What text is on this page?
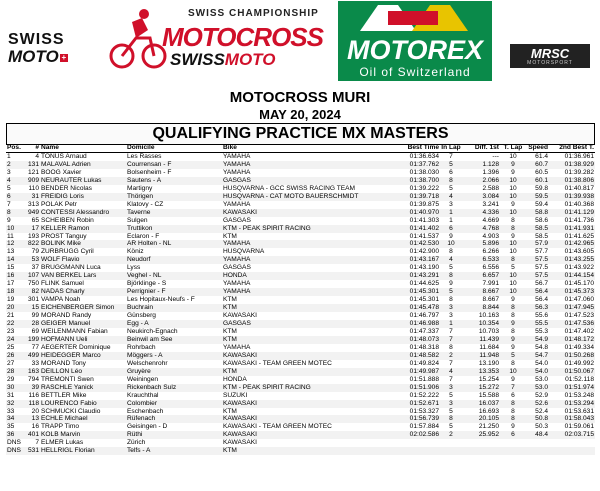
SWISS
MOTO +
SWISS CHAMPIONSHIP
MOTOCROSS
SWISSMOTO	MOTOREX
Oil of Switzerland
MRSC
MOTORSPORT
MOTOCROSS MURI
MAY 20, 2024
QUALIFYING PRACTICE MX MASTERS
Pos.	#	Name	Domicile	Bike	Best Time	In Lap	Diff. 1st	T. Lap	Speed	2nd Best T.
1	4	TONUS Arnaud	Les Rasses	YAMAHA	01:36.634	7	---	10	61.4	01:36.961
2	131	MALAVAL Adrien	Courrensan - F	YAMAHA	01:37.762	5	1.128	9	60.7	01:38.929
3	121	BOOG Xavier	Bolsenheim - F	YAMAHA	01:38.030	6	1.396	9	60.5	01:39.282
4	909	NEURAUTER Lukas	Sautens - A	GASGAS	01:38.700	8	2.066	10	60.1	01:38.806
5	110	BENDER Nicolas	Martigny	HUSQVARNA - GCC SWISS RACING TEAM	01:39.222	5	2.588	10	59.8	01:40.817
6	31	FREIDIG Loris	Thörigen	HUSQVARNA - CAT MOTO BAUERSCHMIDT	01:39.718	4	3.084	10	59.5	01:39.938
7	313	POLAK Petr	Klatovy - CZ	YAMAHA	01:39.875	3	3.241	9	59.4	01:40.368
8	949	CONTESSI Alessandro	Taverne	KAWASAKI	01:40.970	1	4.336	10	58.8	01:41.129
9	65	SCHEIBEN Robin	Sulgen	GASGAS	01:41.303	1	4.669	8	58.6	01:41.736
10	17	KELLER Ramon	Truttikon	KTM - PEAK SPIRIT RACING	01:41.402	6	4.768	8	58.5	01:41.931
11	193	PROST Tanguy	Eclaron - F	KTM	01:41.537	9	4.903	9	58.5	01:41.625
12	822	BOLINK Mike	AR Holten - NL	YAMAHA	01:42.530	10	5.896	10	57.9	01:42.965
13	79	ZURBRÜGG Cyril	Köniz	HUSQVARNA	01:42.900	8	6.266	10	57.7	01:43.605
14	53	WOLF Flavio	Neudorf	YAMAHA	01:43.167	4	6.533	8	57.5	01:43.255
15	37	BRUGGMANN Luca	Lyss	GASGAS	01:43.190	5	6.556	5	57.5	01:43.922
16	107	VAN BERKEL Lars	Veghel - NL	HONDA	01:43.291	8	6.657	10	57.5	01:44.154
17	750	FLINK Samuel	Björklinge - S	YAMAHA	01:44.625	9	7.991	10	56.7	01:45.170
18	82	NADAS Charly	Perrignier - F	YAMAHA	01:45.301	5	8.667	10	56.4	01:45.373
19	301	VAMPA Noah	Les Hopitaux-Neufs - F	KTM	01:45.301	8	8.667	9	56.4	01:47.060
20	15	EICHENBERGER Simon	Buchrain	KTM	01:45.478	3	8.844	8	56.3	01:47.945
21	99	MORAND Randy	Günsberg	KAWASAKI	01:46.797	3	10.163	8	55.6	01:47.523
22	28	GEIGER Manuel	Egg - A	GASGAS	01:46.988	1	10.354	9	55.5	01:47.536
23	69	WEILENMANN Fabian	Neukirch-Egnach	KTM	01:47.337	7	10.703	8	55.3	01:47.402
24	199	HOFMANN Ueli	Beinwil am See	KTM	01:48.073	7	11.439	9	54.9	01:48.172
25	77	AEGERTER Dominique	Rohrbach	YAMAHA	01:48.318	8	11.684	9	54.8	01:49.334
26	499	HEIDEGGER Marco	Möggers - A	KAWASAKI	01:48.582	2	11.948	5	54.7	01:50.268
27	33	MORAND Tony	Welschenrohr	KAWASAKI - TEAM GREEN MOTEC	01:49.824	7	13.190	8	54.0	01:49.992
28	163	DEILLON Léo	Gruyère	KTM	01:49.987	4	13.353	10	54.0	01:50.067
29	794	TREMONTI Swen	Weiningen	HONDA	01:51.888	7	15.254	9	53.0	01:52.118
30	39	RASCHLE Yanick	Rickenbach Sulz	KTM - PEAK SPIRIT RACING	01:51.906	3	15.272	7	53.0	01:51.974
31	116	BETTLER Mike	Krauchthal	SUZUKI	01:52.222	5	15.588	6	52.9	01:53.248
32	118	LOURENCO Fabio	Colombier	KAWASAKI	01:52.671	3	16.037	8	52.6	01:53.294
33	20	SCHMUCKI Claudio	Eschenbach	KTM	01:53.327	5	16.693	8	52.4	01:53.631
34	13	ECHLE Michael	Rüfenach	KAWASAKI	01:56.739	8	20.105	8	50.8	01:58.043
35	16	TRAPP Timo	Geisingen - D	KAWASAKI - TEAM GREEN MOTEC	01:57.884	5	21.250	9	50.3	01:59.061
36	401	KOLB Marvin	Rüthi	KAWASAKI	02:02.586	2	25.952	6	48.4	02:03.715
DNS	7	ELMER Lukas	Zürich	KAWASAKI						
DNS	531	HELLRIGL Florian	Telfs - A	KTM						
